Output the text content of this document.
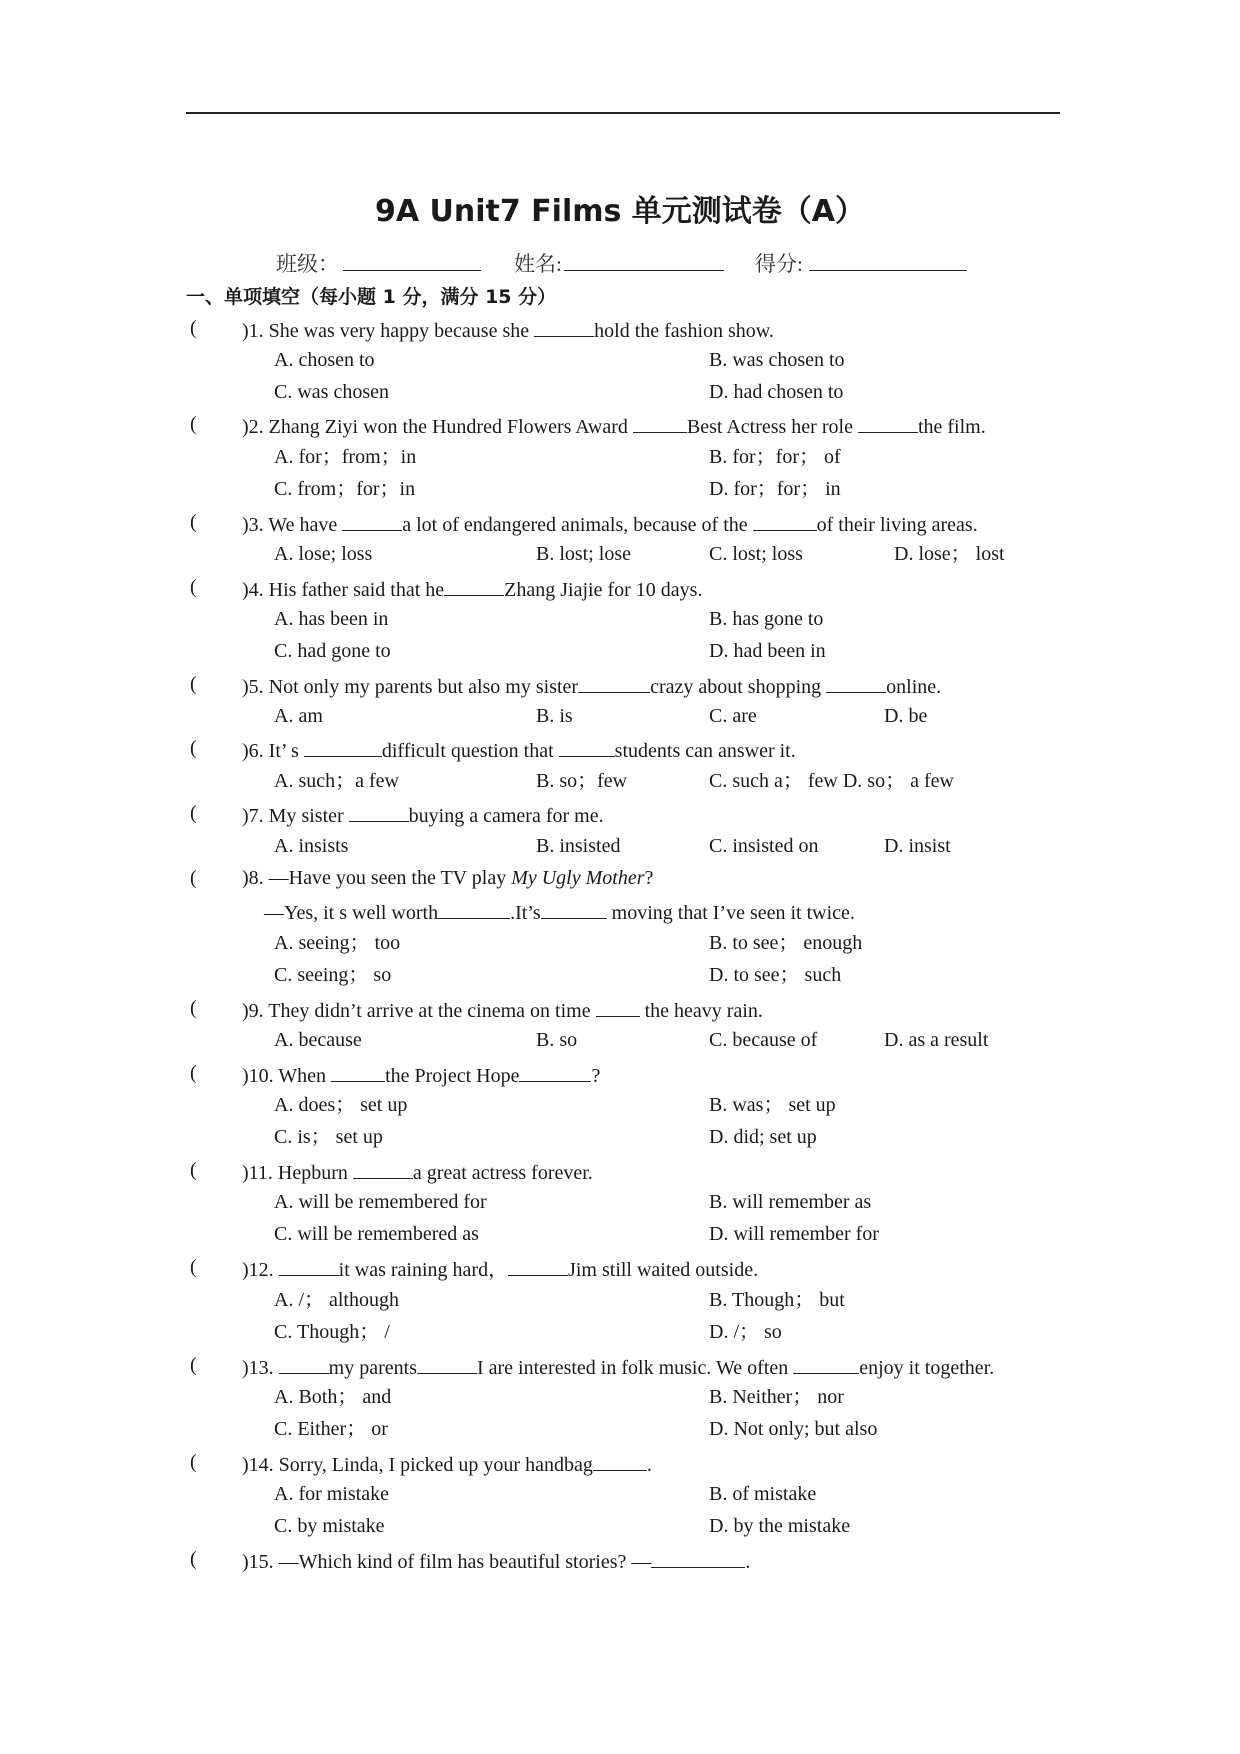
9A Unit7 Films 单元测试卷（A）
班级：	姓名:	得分:
一、单项填空（每小题 1 分，满分 15 分）
( )1. She was very happy because she	hold the fashion show.
A. chosen to	B. was chosen to
C. was chosen	D. had chosen to
( )2. Zhang Ziyi won the Hundred Flowers Award	Best Actress her role	the film.
A. for；from；in	B. for；for； of
C. from；for；in	D. for；for； in
( )3. We have	a lot of endangered animals, because of the	of their living areas.
A. lose; loss	B. lost; lose	C. lost; loss	D. lose； lost
( )4. His father said that he	Zhang Jiajie for 10 days.
A. has been in	B. has gone to
C. had gone to	D. had been in
( )5. Not only my parents but also my sister	crazy about shopping	online.
A. am	B. is	C. are	D. be
( )6. It’ s	difficult question that	students can answer it.
A. such；a few	B. so；few	C. such a； few D. so； a few
( )7. My sister	buying a camera for me.
A. insists	B. insisted	C. insisted on	D. insist
( )8. —Have you seen the TV play My Ugly Mother?
—Yes, it s well worth	.It’s	moving that I’ve seen it twice.
A. seeing； too	B. to see； enough
C. seeing； so	D. to see； such
( )9. They didn’t arrive at the cinema on time  the heavy rain.
A. because	B. so	C. because of	D. as a result
( )10. When	the Project Hope	?
A. does； set up	B. was； set up
C. is； set up	D. did; set up
( )11. Hepburn	a great actress forever.
A. will be remembered for	B. will remember as
C. will be remembered as	D. will remember for
( )12.	it was raining hard，	Jim still waited outside.
A. /； although	B. Though； but
C. Though； /	D. /； so
( )13.	my parents	I are interested in folk music. We often	enjoy it together.
A. Both； and	B. Neither； nor
C. Either； or	D. Not only; but also
( )14. Sorry, Linda, I picked up your handbag	.
A. for mistake	B. of mistake
C. by mistake	D. by the mistake
( )15. —Which kind of film has beautiful stories? —	.
